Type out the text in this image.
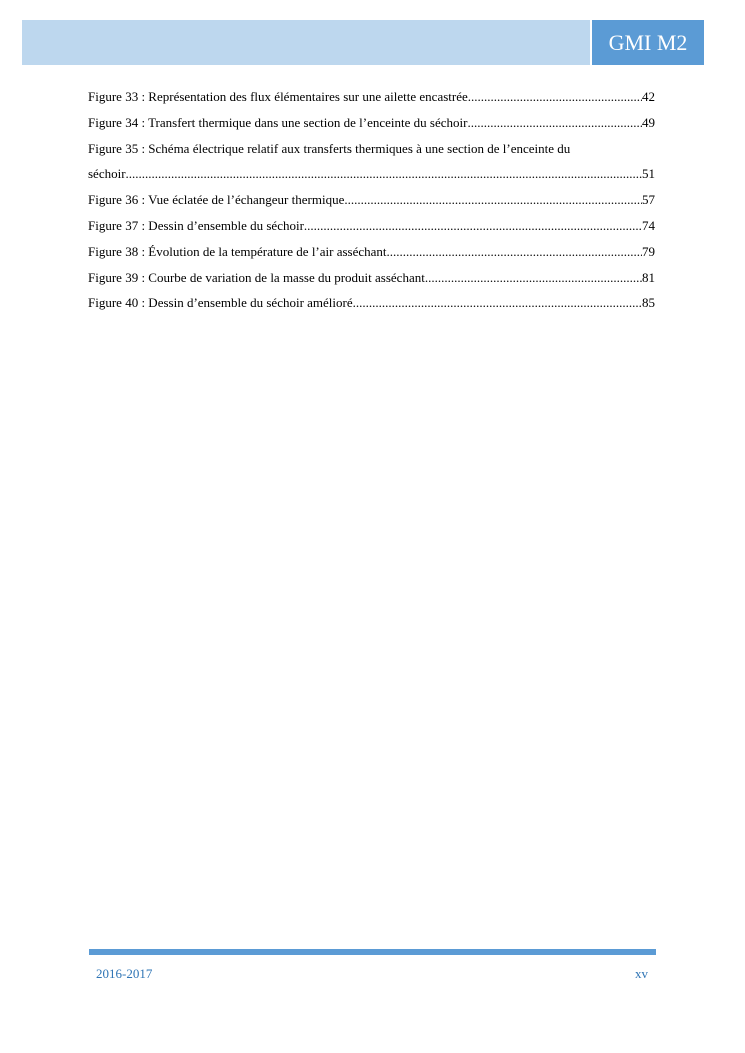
GMI M2
Figure 33 : Représentation des flux élémentaires sur une ailette encastrée .....	42
Figure 34 : Transfert thermique dans une section de l’enceinte du séchoir .....	49
Figure 35 : Schéma électrique relatif aux transferts thermiques à une section de l’enceinte du
séchoir .....	51
Figure 36 : Vue éclatée de l’échangeur thermique .....	57
Figure 37 : Dessin d’ensemble du séchoir .....	74
Figure 38 : Évolution de la température de l’air asséchant .....	79
Figure 39 : Courbe de variation de la masse du produit asséchant .....	81
Figure 40 : Dessin d’ensemble du séchoir amélioré .....	85
2016-2017	xv
